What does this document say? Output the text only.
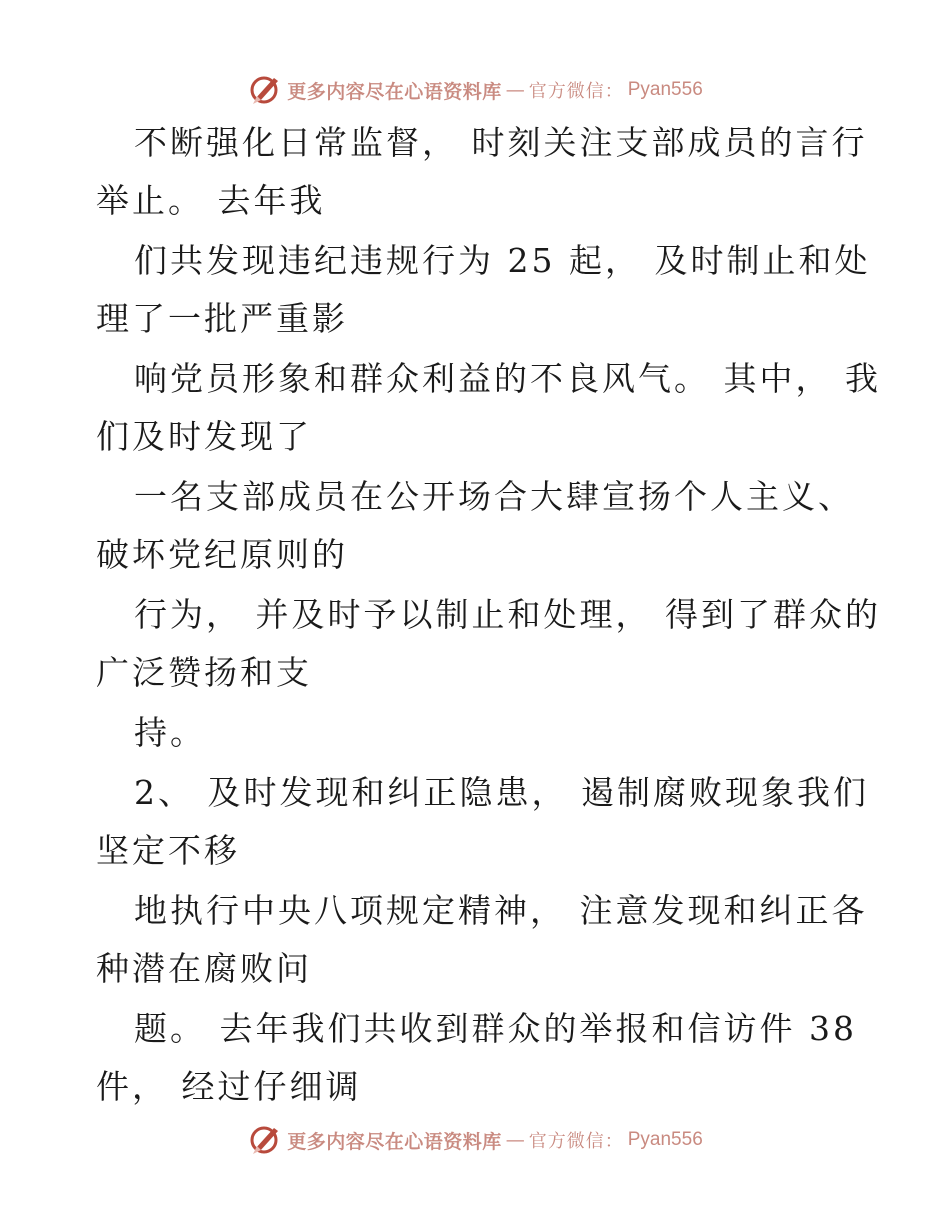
更多内容尽在心语资料库 — 官方微信： Pyan556
不断强化日常监督， 时刻关注支部成员的言行
举止。 去年我
们共发现违纪违规行为 25 起， 及时制止和处
理了一批严重影
响党员形象和群众利益的不良风气。 其中， 我
们及时发现了
一名支部成员在公开场合大肆宣扬个人主义、
破坏党纪原则的
行为， 并及时予以制止和处理， 得到了群众的
广泛赞扬和支
持。
2、 及时发现和纠正隐患， 遏制腐败现象我们
坚定不移
地执行中央八项规定精神， 注意发现和纠正各
种潜在腐败问
题。 去年我们共收到群众的举报和信访件 38
件， 经过仔细调
更多内容尽在心语资料库 — 官方微信： Pyan556
